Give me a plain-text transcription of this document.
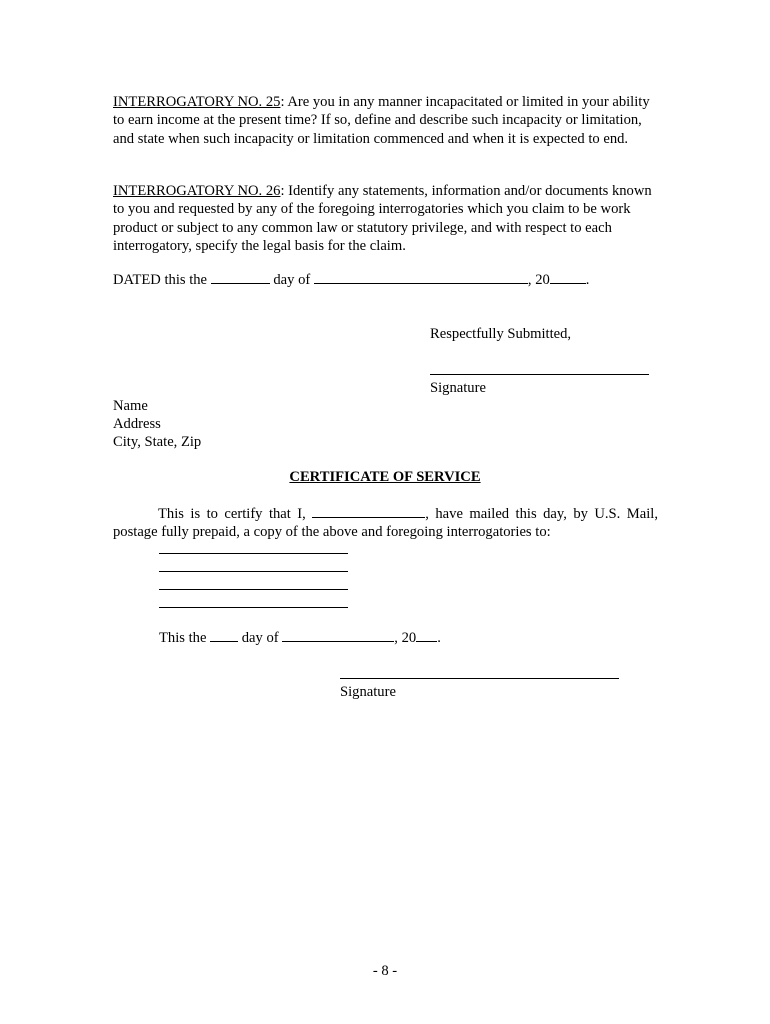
INTERROGATORY NO. 25: Are you in any manner incapacitated or limited in your ability to earn income at the present time? If so, define and describe such incapacity or limitation, and state when such incapacity or limitation commenced and when it is expected to end.
INTERROGATORY NO. 26: Identify any statements, information and/or documents known to you and requested by any of the foregoing interrogatories which you claim to be work product or subject to any common law or statutory privilege, and with respect to each interrogatory, specify the legal basis for the claim.
DATED this the	day of	, 20 .
Respectfully Submitted,
Signature
Name
Address
City, State, Zip
CERTIFICATE OF SERVICE
This is to certify that I,	, have mailed this day, by U.S. Mail,
postage fully prepaid, a copy of the above and foregoing interrogatories to:
This the day of	, 20 .
Signature
- 8 -
